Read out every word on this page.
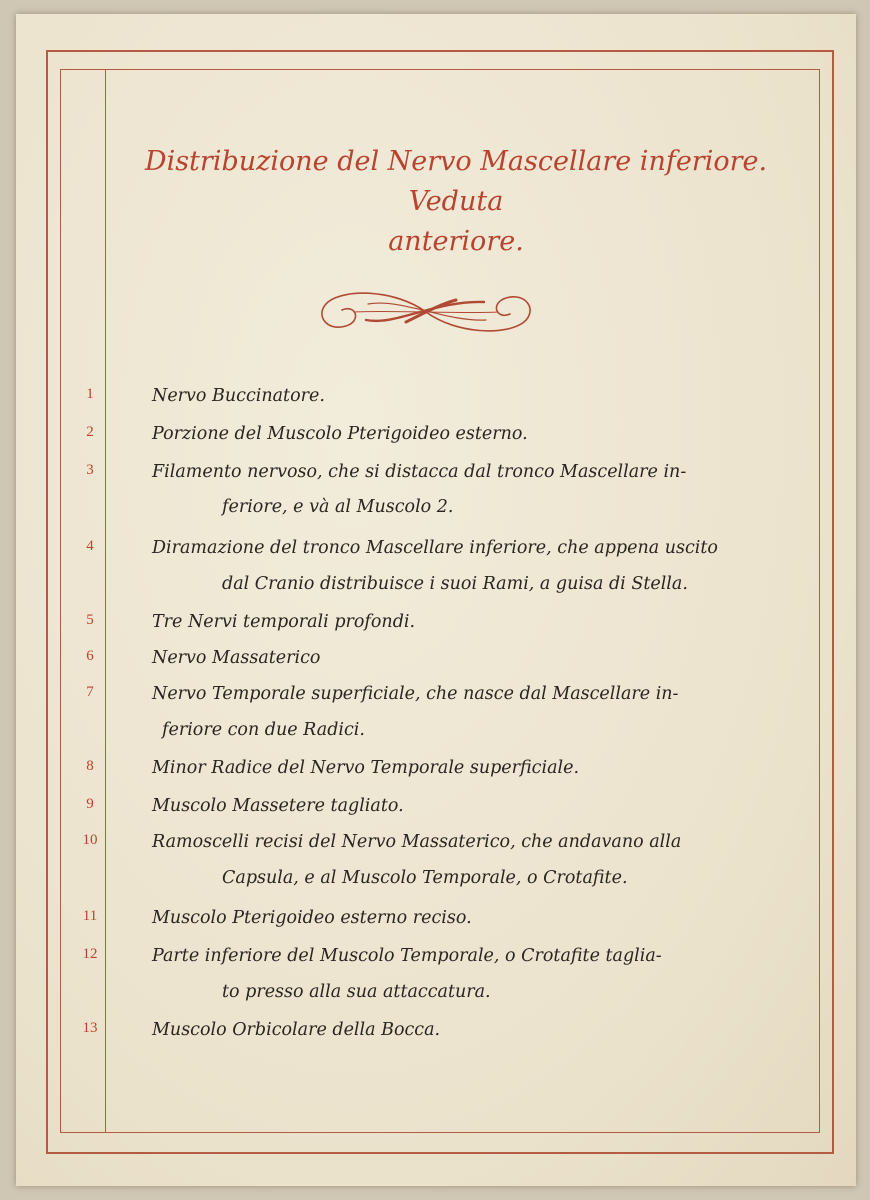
Distribuzione del Nervo Mascellare inferiore. Veduta
anteriore.
1	Nervo Buccinatore.
2	Porzione del Muscolo Pterigoideo esterno.
3	Filamento nervoso, che si distacca dal tronco Mascellare in-
feriore, e và al Muscolo 2.
4	Diramazione del tronco Mascellare inferiore, che appena uscito
dal Cranio distribuisce i suoi Rami, a guisa di Stella.
5	Tre Nervi temporali profondi.
6	Nervo Massaterico
7	Nervo Temporale superficiale, che nasce dal Mascellare in-
feriore con due Radici.
8	Minor Radice del Nervo Temporale superficiale.
9	Muscolo Massetere tagliato.
10	Ramoscelli recisi del Nervo Massaterico, che andavano alla
Capsula, e al Muscolo Temporale, o Crotafite.
11	Muscolo Pterigoideo esterno reciso.
12	Parte inferiore del Muscolo Temporale, o Crotafite taglia-
to presso alla sua attaccatura.
13	Muscolo Orbicolare della Bocca.
